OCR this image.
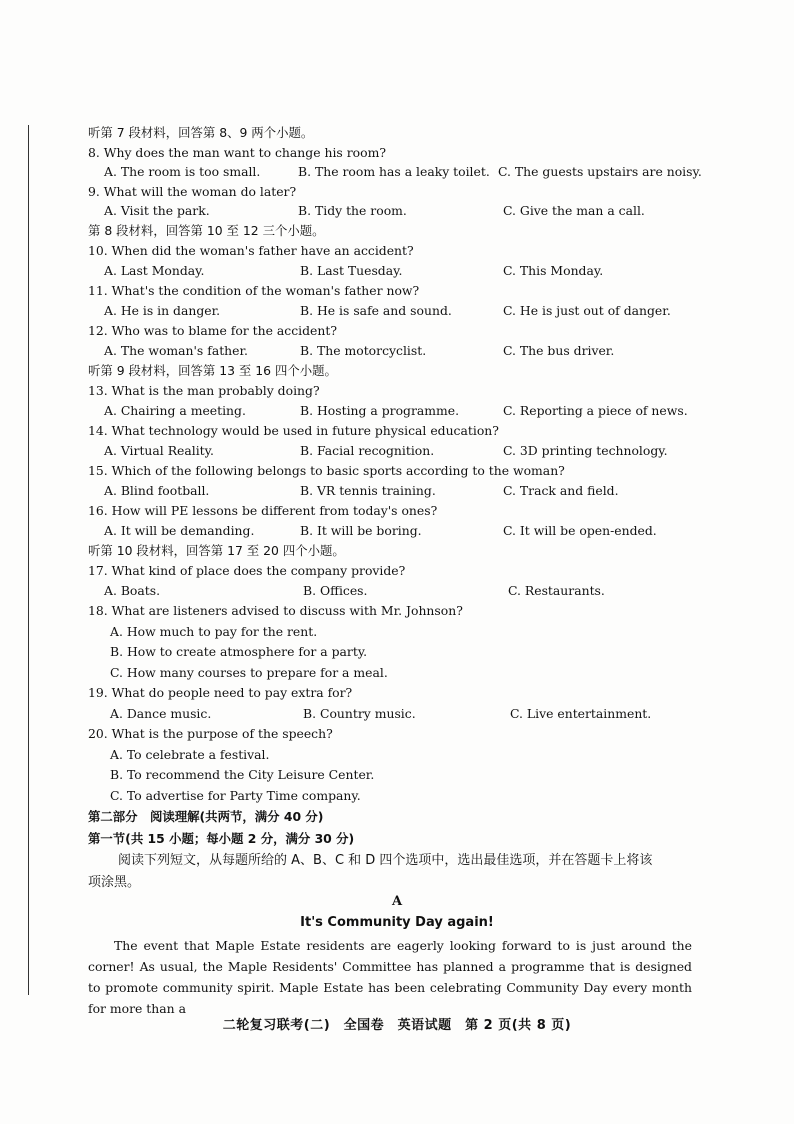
听第 7 段材料，回答第 8、9 两个小题。
8. Why does the man want to change his room?
A. The room is too small.	B. The room has a leaky toilet. C. The guests upstairs are noisy.
9. What will the woman do later?
A. Visit the park.	B. Tidy the room.	C. Give the man a call.
第 8 段材料，回答第 10 至 12 三个小题。
10. When did the woman's father have an accident?
A. Last Monday.	B. Last Tuesday.	C. This Monday.
11. What's the condition of the woman's father now?
A. He is in danger.	B. He is safe and sound.	C. He is just out of danger.
12. Who was to blame for the accident?
A. The woman's father.	B. The motorcyclist.	C. The bus driver.
听第 9 段材料，回答第 13 至 16 四个小题。
13. What is the man probably doing?
A. Chairing a meeting.	B. Hosting a programme.	C. Reporting a piece of news.
14. What technology would be used in future physical education?
A. Virtual Reality.	B. Facial recognition.	C. 3D printing technology.
15. Which of the following belongs to basic sports according to the woman?
A. Blind football.	B. VR tennis training.	C. Track and field.
16. How will PE lessons be different from today's ones?
A. It will be demanding.	B. It will be boring.	C. It will be open-ended.
听第 10 段材料，回答第 17 至 20 四个小题。
17. What kind of place does the company provide?
A. Boats.	B. Offices.	C. Restaurants.
18. What are listeners advised to discuss with Mr. Johnson?
A. How much to pay for the rent.
B. How to create atmosphere for a party.
C. How many courses to prepare for a meal.
19. What do people need to pay extra for?
A. Dance music.	B. Country music.	C. Live entertainment.
20. What is the purpose of the speech?
A. To celebrate a festival.
B. To recommend the City Leisure Center.
C. To advertise for Party Time company.
第二部分　阅读理解(共两节，满分 40 分)
第一节(共 15 小题；每小题 2 分，满分 30 分)
阅读下列短文，从每题所给的 A、B、C 和 D 四个选项中，选出最佳选项，并在答题卡上将该
项涂黑。
A
It's Community Day again!
The event that Maple Estate residents are eagerly looking forward to is just around the corner! As usual, the Maple Residents' Committee has planned a programme that is designed to promote community spirit. Maple Estate has been celebrating Community Day every month for more than a
二轮复习联考(二)　全国卷　英语试题　第 2 页(共 8 页)
